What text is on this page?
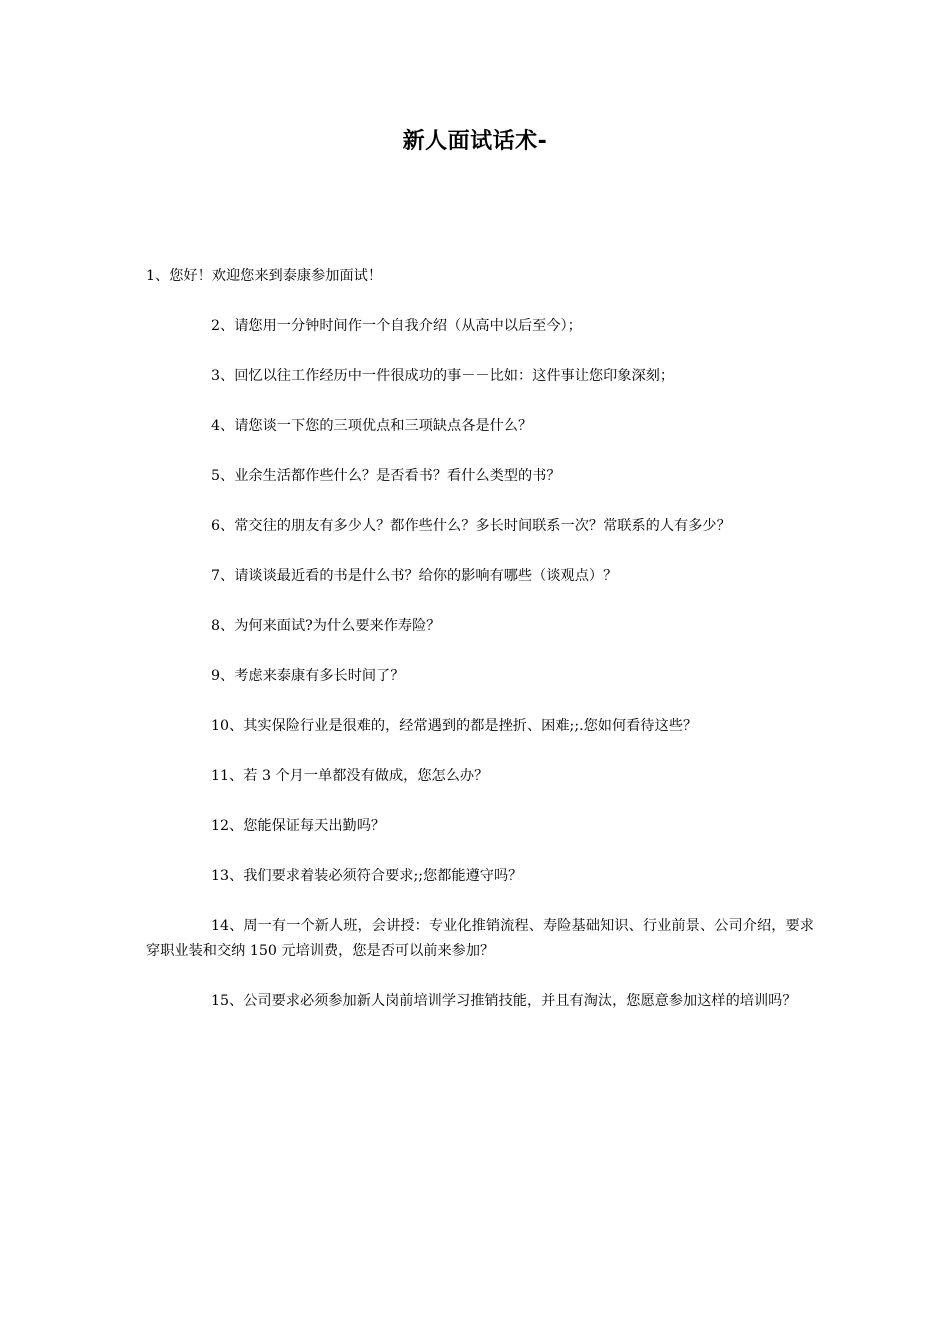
新人面试话术-

1、您好！欢迎您来到泰康参加面试！

2、请您用一分钟时间作一个自我介绍（从高中以后至今）；

3、回忆以往工作经历中一件很成功的事－－比如：这件事让您印象深刻；

4、请您谈一下您的三项优点和三项缺点各是什么？

5、业余生活都作些什么？是否看书？看什么类型的书？

6、常交往的朋友有多少人？都作些什么？多长时间联系一次？常联系的人有多少？

7、请谈谈最近看的书是什么书？给你的影响有哪些（谈观点）？

8、为何来面试?为什么要来作寿险？

9、考虑来泰康有多长时间了？

10、其实保险行业是很难的，经常遇到的都是挫折、困难;;.您如何看待这些？

11、若 3 个月一单都没有做成，您怎么办？

12、您能保证每天出勤吗？

13、我们要求着装必须符合要求;;您都能遵守吗？

14、周一有一个新人班，会讲授：专业化推销流程、寿险基础知识、行业前景、公司介绍，要求穿职业装和交纳 150 元培训费，您是否可以前来参加？

15、公司要求必须参加新人岗前培训学习推销技能，并且有淘汰，您愿意参加这样的培训吗？
